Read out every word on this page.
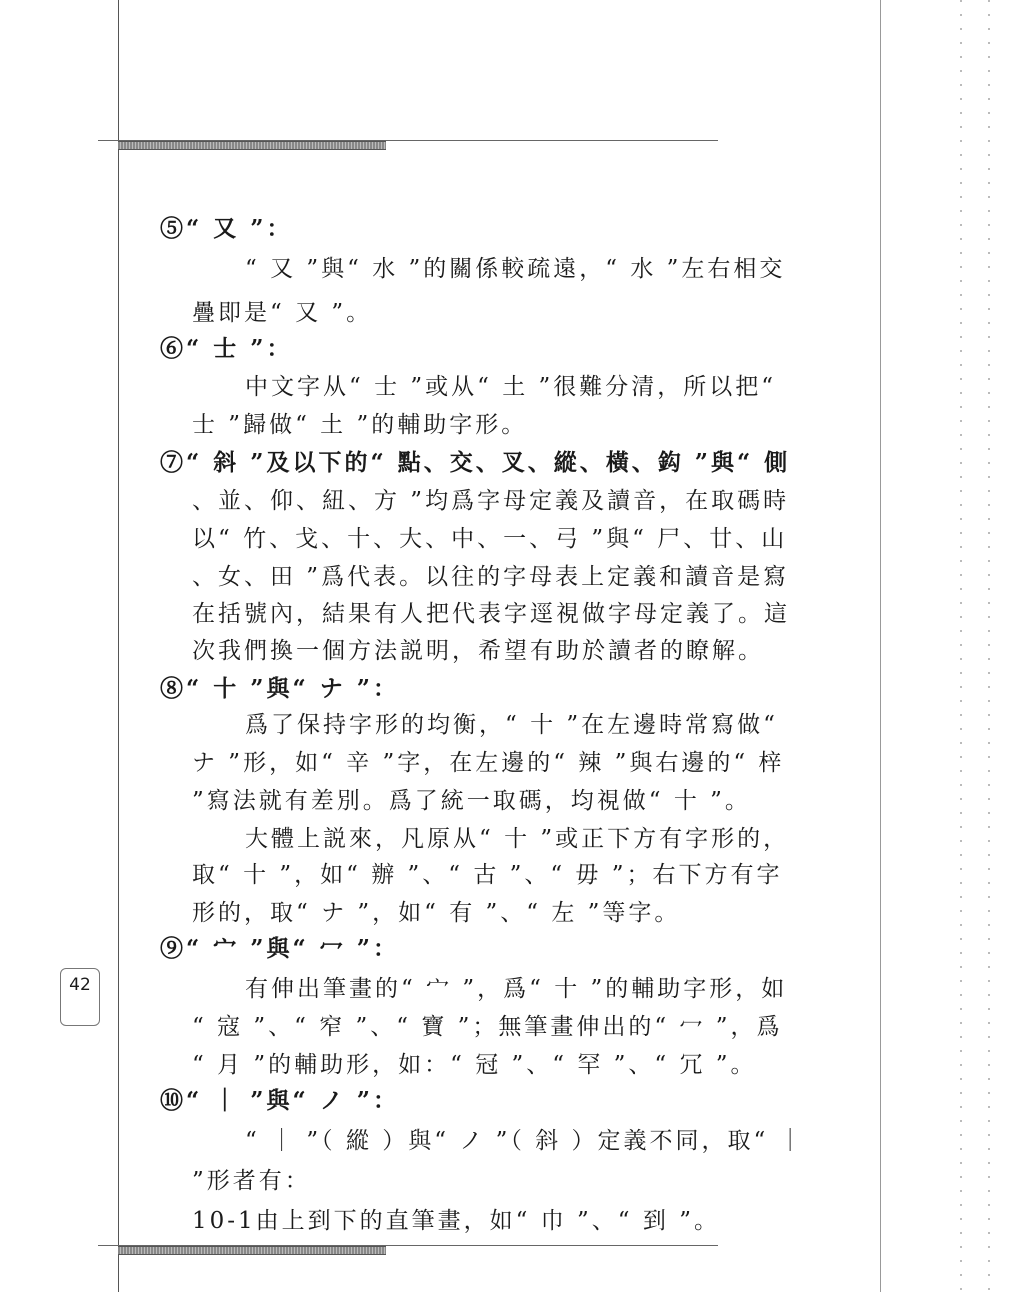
42
⑤“ 又 ”：
“ 又 ”與“ 水 ”的關係較疏遠，“ 水 ”左右相交
疊即是“ 又 ”。
⑥“ 士 ”：
中文字从“ 士 ”或从“ 土 ”很難分清，所以把“
士 ”歸做“ 土 ”的輔助字形。
⑦“ 斜 ”及以下的“ 點、交、叉、縱、橫、鈎 ”與“ 側
、並、仰、紐、方 ”均爲字母定義及讀音，在取碼時
以“ 竹、戈、十、大、中、一、弓 ”與“ 尸、廿、山
、女、田 ”爲代表。以往的字母表上定義和讀音是寫
在括號內，結果有人把代表字逕視做字母定義了。這
次我們換一個方法説明，希望有助於讀者的瞭解。
⑧“ 十 ”與“ ナ ”：
爲了保持字形的均衡，“ 十 ”在左邊時常寫做“
ナ ”形，如“ 辛 ”字，在左邊的“ 辣 ”與右邊的“ 梓
”寫法就有差別。爲了統一取碼，均視做“ 十 ”。
大體上説來，凡原从“ 十 ”或正下方有字形的，
取“ 十 ”，如“ 辦 ”、“ 古 ”、“ 毋 ”；右下方有字
形的，取“ ナ ”，如“ 有 ”、“ 左 ”等字。
⑨“ 宀 ”與“ 冖 ”：
有伸出筆畫的“ 宀 ”，爲“ 十 ”的輔助字形，如
“ 寇 ”、“ 窄 ”、“ 寶 ”；無筆畫伸出的“ 冖 ”，爲
“ 月 ”的輔助形，如：“ 冠 ”、“ 罕 ”、“ 冗 ”。
⑩“ ｜ ”與“ ノ ”：
“ ｜ ”（ 縱 ）與“ ノ ”（ 斜 ）定義不同，取“ ｜
”形者有：
10-1由上到下的直筆畫，如“ 巾 ”、“ 到 ”。
